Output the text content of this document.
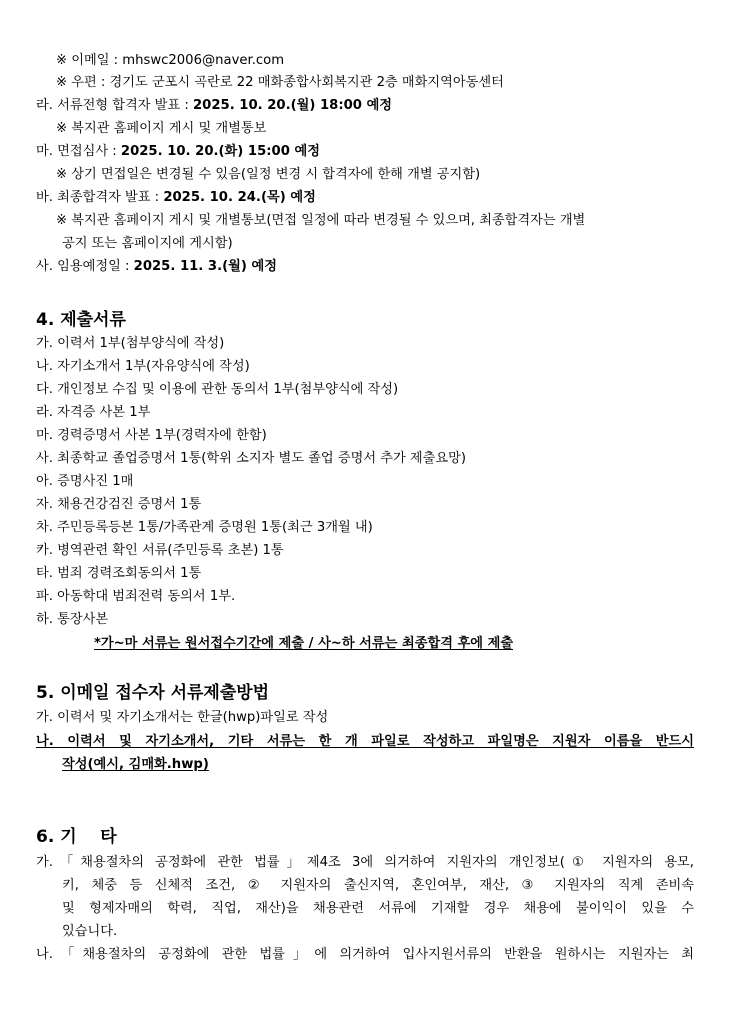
※ 이메일 : mhswc2006@naver.com
※ 우편 : 경기도 군포시 곡란로 22 매화종합사회복지관 2층 매화지역아동센터
라. 서류전형 합격자 발표 : 2025. 10. 20.(월) 18:00 예정
※ 복지관 홈페이지 게시 및 개별통보
마. 면접심사 : 2025. 10. 20.(화) 15:00 예정
※ 상기 면접일은 변경될 수 있음(일정 변경 시 합격자에 한해 개별 공지함)
바. 최종합격자 발표 : 2025. 10. 24.(목) 예정
※ 복지관 홈페이지 게시 및 개별통보(면접 일정에 따라 변경될 수 있으며, 최종합격자는 개별
공지 또는 홈페이지에 게시함)
사. 임용예정일 : 2025. 11. 3.(월) 예정
4. 제출서류
가. 이력서 1부(첨부양식에 작성)
나. 자기소개서 1부(자유양식에 작성)
다. 개인정보 수집 및 이용에 관한 동의서 1부(첨부양식에 작성)
라. 자격증 사본 1부
마. 경력증명서 사본 1부(경력자에 한함)
사. 최종학교 졸업증명서 1통(학위 소지자 별도 졸업 증명서 추가 제출요망)
아. 증명사진 1매
자. 채용건강검진 증명서 1통
차. 주민등록등본 1통/가족관계 증명원 1통(최근 3개월 내)
카. 병역관련 확인 서류(주민등록 초본) 1통
타. 범죄 경력조회동의서 1통
파. 아동학대 범죄전력 동의서 1부.
하. 통장사본
*가~마 서류는 원서접수기간에 제출 / 사~하 서류는 최종합격 후에 제출
5. 이메일 접수자 서류제출방법
가. 이력서 및 자기소개서는 한글(hwp)파일로 작성
나. 이력서 및 자기소개서, 기타 서류는 한 개 파일로 작성하고 파일명은 지원자 이름을 반드시
작성(예시, 김매화.hwp)
6. 기    타
가.「채용절차의 공정화에 관한 법률」제4조 3에 의거하여 지원자의 개인정보(① 지원자의 용모,
키, 체중 등 신체적 조건, ② 지원자의 출신지역, 혼인여부, 재산, ③ 지원자의 직계 존비속
및 형제자매의 학력, 직업, 재산)을 채용관련 서류에 기재할 경우 채용에 불이익이 있을 수
있습니다.
나.「채용절차의 공정화에 관한 법률」에 의거하여 입사지원서류의 반환을 원하시는 지원자는 최
